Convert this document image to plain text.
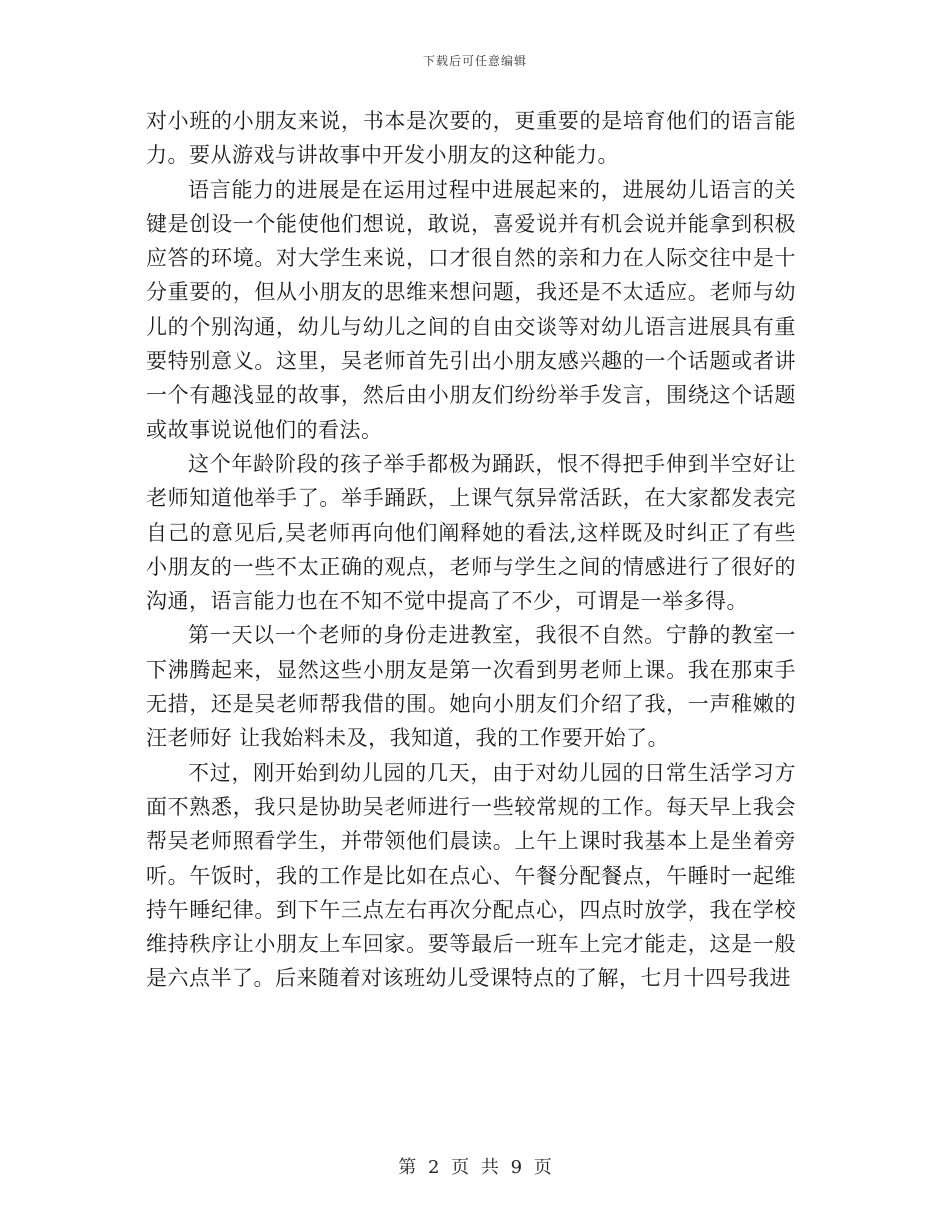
下载后可任意编辑

对小班的小朋友来说，书本是次要的，更重要的是培育他们的语言能力。要从游戏与讲故事中开发小朋友的这种能力。

语言能力的进展是在运用过程中进展起来的，进展幼儿语言的关键是创设一个能使他们想说，敢说，喜爱说并有机会说并能拿到积极应答的环境。对大学生来说，口才很自然的亲和力在人际交往中是十分重要的，但从小朋友的思维来想问题，我还是不太适应。老师与幼儿的个别沟通，幼儿与幼儿之间的自由交谈等对幼儿语言进展具有重要特别意义。这里，吴老师首先引出小朋友感兴趣的一个话题或者讲一个有趣浅显的故事，然后由小朋友们纷纷举手发言，围绕这个话题或故事说说他们的看法。

这个年龄阶段的孩子举手都极为踊跃，恨不得把手伸到半空好让老师知道他举手了。举手踊跃，上课气氛异常活跃，在大家都发表完自己的意见后,吴老师再向他们阐释她的看法,这样既及时纠正了有些小朋友的一些不太正确的观点，老师与学生之间的情感进行了很好的沟通，语言能力也在不知不觉中提高了不少，可谓是一举多得。

第一天以一个老师的身份走进教室，我很不自然。宁静的教室一下沸腾起来，显然这些小朋友是第一次看到男老师上课。我在那束手无措，还是吴老师帮我借的围。她向小朋友们介绍了我，一声稚嫩的汪老师好 让我始料未及，我知道，我的工作要开始了。

不过，刚开始到幼儿园的几天，由于对幼儿园的日常生活学习方面不熟悉，我只是协助吴老师进行一些较常规的工作。每天早上我会帮吴老师照看学生，并带领他们晨读。上午上课时我基本上是坐着旁听。午饭时，我的工作是比如在点心、午餐分配餐点，午睡时一起维持午睡纪律。到下午三点左右再次分配点心，四点时放学，我在学校维持秩序让小朋友上车回家。要等最后一班车上完才能走，这是一般是六点半了。后来随着对该班幼儿受课特点的了解，七月十四号我进

第 2 页 共 9 页
